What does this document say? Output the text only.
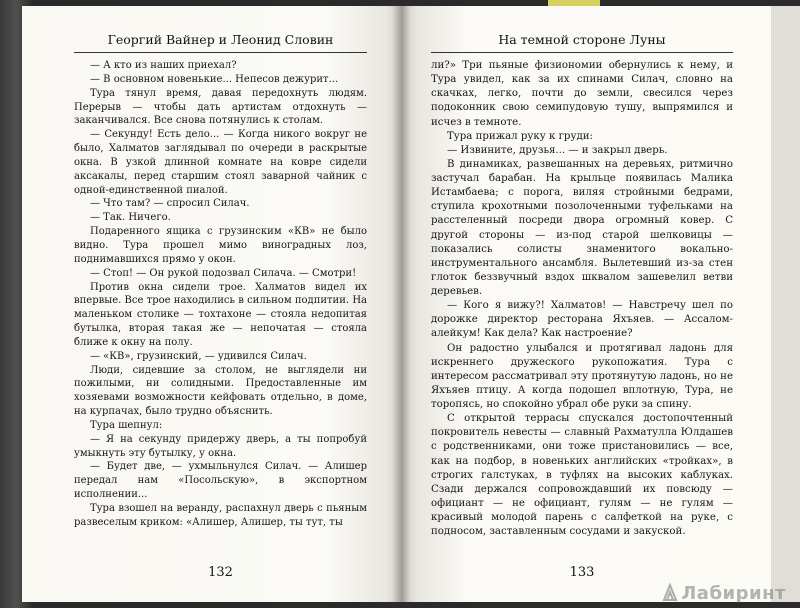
Георгий Вайнер и Леонид Словин

— А кто из наших приехал?

— В основном новенькие... Непесов дежурит...

Тура тянул время, давая передохнуть людям. Перерыв — чтобы дать артистам отдохнуть — заканчивался. Все снова потянулись к столам.

— Секунду! Есть дело... — Когда никого вокруг не было, Халматов заглядывал по очереди в раскрытые окна. В узкой длинной комнате на ковре сидели аксакалы, перед старшим стоял заварной чайник с одной-единственной пиалой.

— Что там? — спросил Силач.

— Так. Ничего.

Подаренного ящика с грузинским «КВ» не было видно. Тура прошел мимо виноградных лоз, поднимавшихся прямо у окон.

— Стоп! — Он рукой подозвал Силача. — Смотри!

Против окна сидели трое. Халматов видел их впервые. Все трое находились в сильном подпитии. На маленьком столике — тохтахоне — стояла недопитая бутылка, вторая такая же — непочатая — стояла ближе к окну на полу.

— «КВ», грузинский, — удивился Силач.

Люди, сидевшие за столом, не выглядели ни пожилыми, ни солидными. Предоставленные им хозяевами возможности кейфовать отдельно, в доме, на курпачах, было трудно объяснить.

Тура шепнул:

— Я на секунду придержу дверь, а ты попробуй умыкнуть эту бутылку, у окна.

— Будет две, — ухмыльнулся Силач. — Алишер передал нам «Посольскую», в экспортном исполнении...

Тура взошел на веранду, распахнул дверь с пьяным развеселым криком: «Алишер, Алишер, ты тут, ты

132
На темной стороне Луны

ли?» Три пьяные физиономии обернулись к нему, и Тура увидел, как за их спинами Силач, словно на скачках, легко, почти до земли, свесился через подоконник свою семипудовую тушу, выпрямился и исчез в темноте.

Тура прижал руку к груди:

— Извините, друзья... — и закрыл дверь.

В динамиках, развешанных на деревьях, ритмично застучал барабан. На крыльце появилась Малика Истамбаева; с порога, виляя стройными бедрами, ступила крохотными позолоченными туфельками на расстеленный посреди двора огромный ковер. С другой стороны — из-под старой шелковицы — показались солисты знаменитого вокально-инструментального ансамбля. Вылетевший из-за стен глоток беззвучный вздох шквалом зашевелил ветви деревьев.

— Кого я вижу?! Халматов! — Навстречу шел по дорожке директор ресторана Яхъяев. — Ассалом-алейкум! Как дела? Как настроение?

Он радостно улыбался и протягивал ладонь для искреннего дружеского рукопожатия. Тура с интересом рассматривал эту протянутую ладонь, но не Яхъяев птицу. А когда подошел вплотную, Тура, не торопясь, но спокойно убрал обе руки за спину.

С открытой террасы спускался достопочтенный покровитель невесты — славный Рахматулла Юлдашев с родственниками, они тоже пристановились — все, как на подбор, в новеньких английских «тройках», в строгих галстуках, в туфлях на высоких каблуках. Сзади держался сопровождавший их повсюду — официант — не официант, гулям — не гулям — красивый молодой парень с салфеткой на руке, с подносом, заставленным сосудами и закуской.

133
Лабиринт
